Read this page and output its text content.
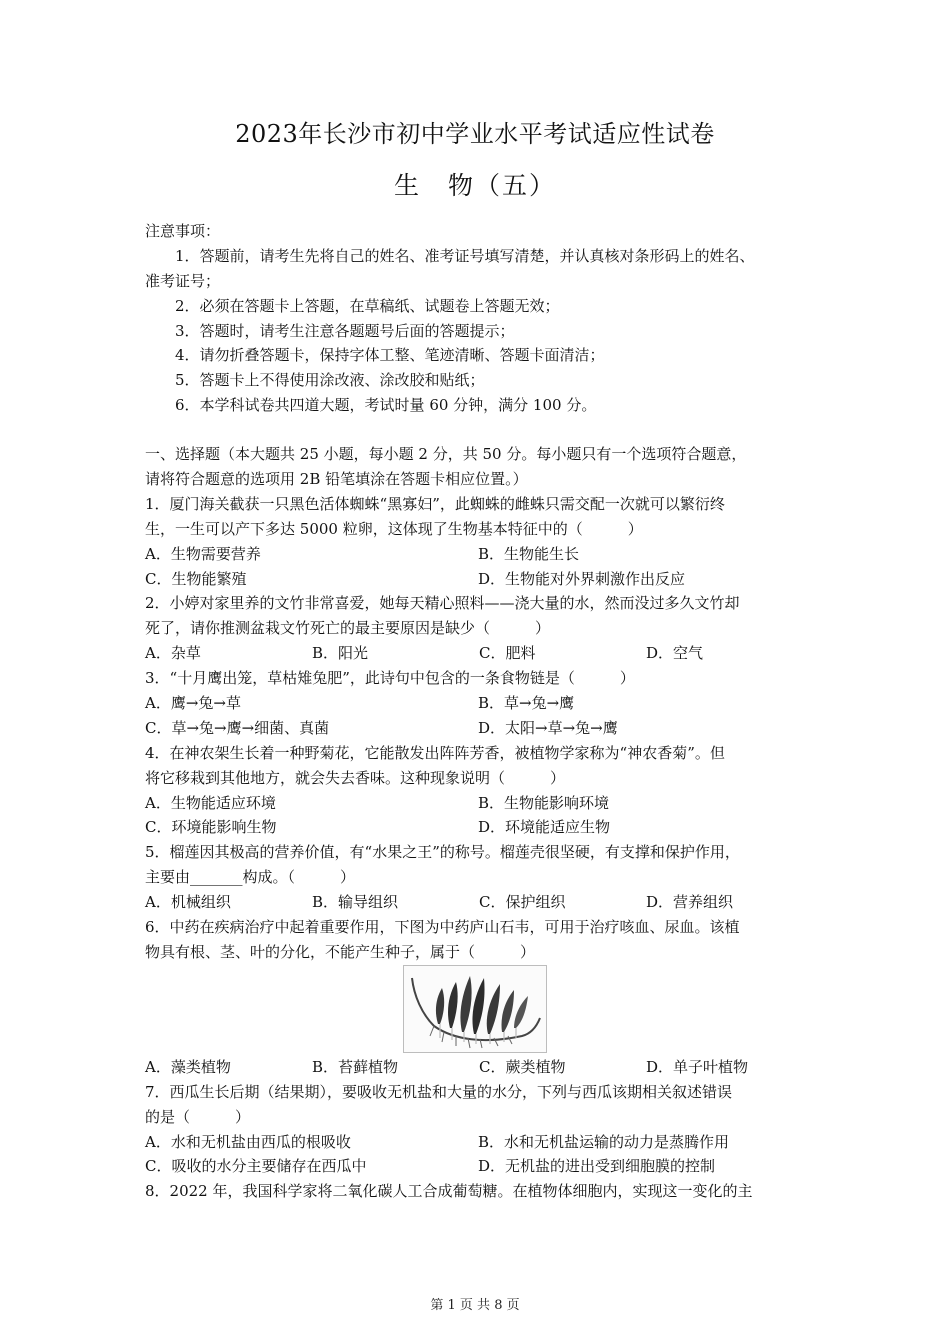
2023年长沙市初中学业水平考试适应性试卷
生　物（五）
注意事项：
1．答题前，请考生先将自己的姓名、准考证号填写清楚，并认真核对条形码上的姓名、
准考证号；
2．必须在答题卡上答题，在草稿纸、试题卷上答题无效；
3．答题时，请考生注意各题题号后面的答题提示；
4．请勿折叠答题卡，保持字体工整、笔迹清晰、答题卡面清洁；
5．答题卡上不得使用涂改液、涂改胶和贴纸；
6．本学科试卷共四道大题，考试时量 60 分钟，满分 100 分。
一、选择题（本大题共 25 小题，每小题 2 分，共 50 分。每小题只有一个选项符合题意，
请将符合题意的选项用 2B 铅笔填涂在答题卡相应位置。）
1．厦门海关截获一只黑色活体蜘蛛“黑寡妇”，此蜘蛛的雌蛛只需交配一次就可以繁衍终
生，一生可以产下多达 5000 粒卵，这体现了生物基本特征中的（　　　）
A．生物需要营养	B．生物能生长
C．生物能繁殖	D．生物能对外界刺激作出反应
2．小婷对家里养的文竹非常喜爱，她每天精心照料——浇大量的水，然而没过多久文竹却
死了，请你推测盆栽文竹死亡的最主要原因是缺少（　　　）
A．杂草	B．阳光	C．肥料	D．空气
3．“十月鹰出笼，草枯雉兔肥”，此诗句中包含的一条食物链是（　　　）
A．鹰→兔→草	B．草→兔→鹰
C．草→兔→鹰→细菌、真菌	D．太阳→草→兔→鹰
4．在神农架生长着一种野菊花，它能散发出阵阵芳香，被植物学家称为“神农香菊”。但
将它移栽到其他地方，就会失去香味。这种现象说明（　　　）
A．生物能适应环境	B．生物能影响环境
C．环境能影响生物	D．环境能适应生物
5．榴莲因其极高的营养价值，有“水果之王”的称号。榴莲壳很坚硬，有支撑和保护作用，
主要由_______构成。（　　　）
A．机械组织	B．输导组织	C．保护组织	D．营养组织
6．中药在疾病治疗中起着重要作用，下图为中药庐山石韦，可用于治疗咳血、尿血。该植
物具有根、茎、叶的分化，不能产生种子，属于（　　　）
A．藻类植物	B．苔藓植物	C．蕨类植物	D．单子叶植物
7．西瓜生长后期（结果期），要吸收无机盐和大量的水分，下列与西瓜该期相关叙述错误
的是（　　　）
A．水和无机盐由西瓜的根吸收	B．水和无机盐运输的动力是蒸腾作用
C．吸收的水分主要储存在西瓜中	D．无机盐的进出受到细胞膜的控制
8．2022 年，我国科学家将二氧化碳人工合成葡萄糖。在植物体细胞内，实现这一变化的主
第 1 页 共 8 页
